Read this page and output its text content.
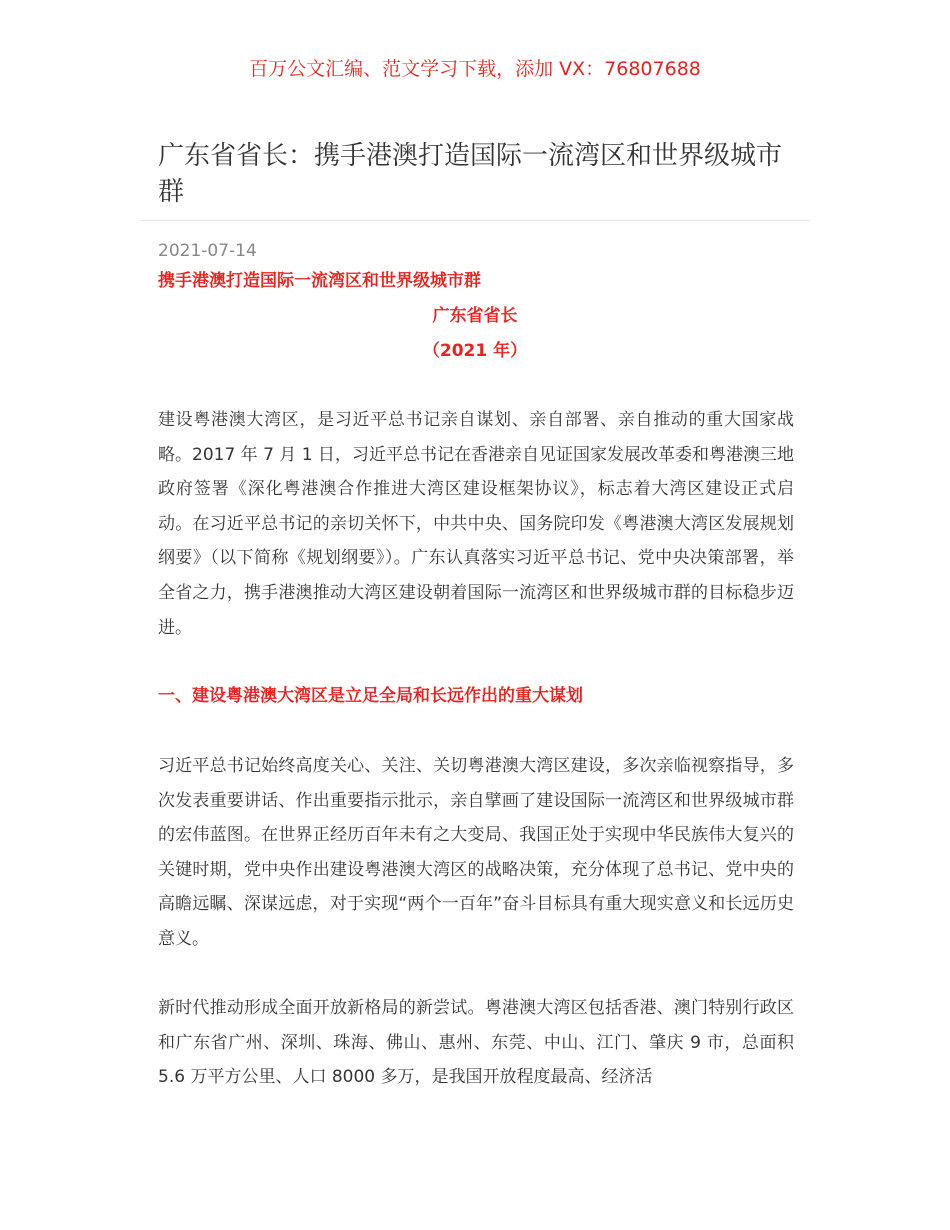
百万公文汇编、范文学习下载，添加 VX：76807688
广东省省长：携手港澳打造国际一流湾区和世界级城市群
2021-07-14
携手港澳打造国际一流湾区和世界级城市群
广东省省长
（2021 年）

建设粤港澳大湾区，是习近平总书记亲自谋划、亲自部署、亲自推动的重大国家战略。2017 年 7 月 1 日，习近平总书记在香港亲自见证国家发展改革委和粤港澳三地政府签署《深化粤港澳合作推进大湾区建设框架协议》，标志着大湾区建设正式启动。在习近平总书记的亲切关怀下，中共中央、国务院印发《粤港澳大湾区发展规划纲要》（以下简称《规划纲要》）。广东认真落实习近平总书记、党中央决策部署，举全省之力，携手港澳推动大湾区建设朝着国际一流湾区和世界级城市群的目标稳步迈进。

一、建设粤港澳大湾区是立足全局和长远作出的重大谋划

习近平总书记始终高度关心、关注、关切粤港澳大湾区建设，多次亲临视察指导，多次发表重要讲话、作出重要指示批示，亲自擘画了建设国际一流湾区和世界级城市群的宏伟蓝图。在世界正经历百年未有之大变局、我国正处于实现中华民族伟大复兴的关键时期，党中央作出建设粤港澳大湾区的战略决策，充分体现了总书记、党中央的高瞻远瞩、深谋远虑，对于实现“两个一百年”奋斗目标具有重大现实意义和长远历史意义。

新时代推动形成全面开放新格局的新尝试。粤港澳大湾区包括香港、澳门特别行政区和广东省广州、深圳、珠海、佛山、惠州、东莞、中山、江门、肇庆 9 市，总面积 5.6 万平方公里、人口 8000 多万，是我国开放程度最高、经济活
